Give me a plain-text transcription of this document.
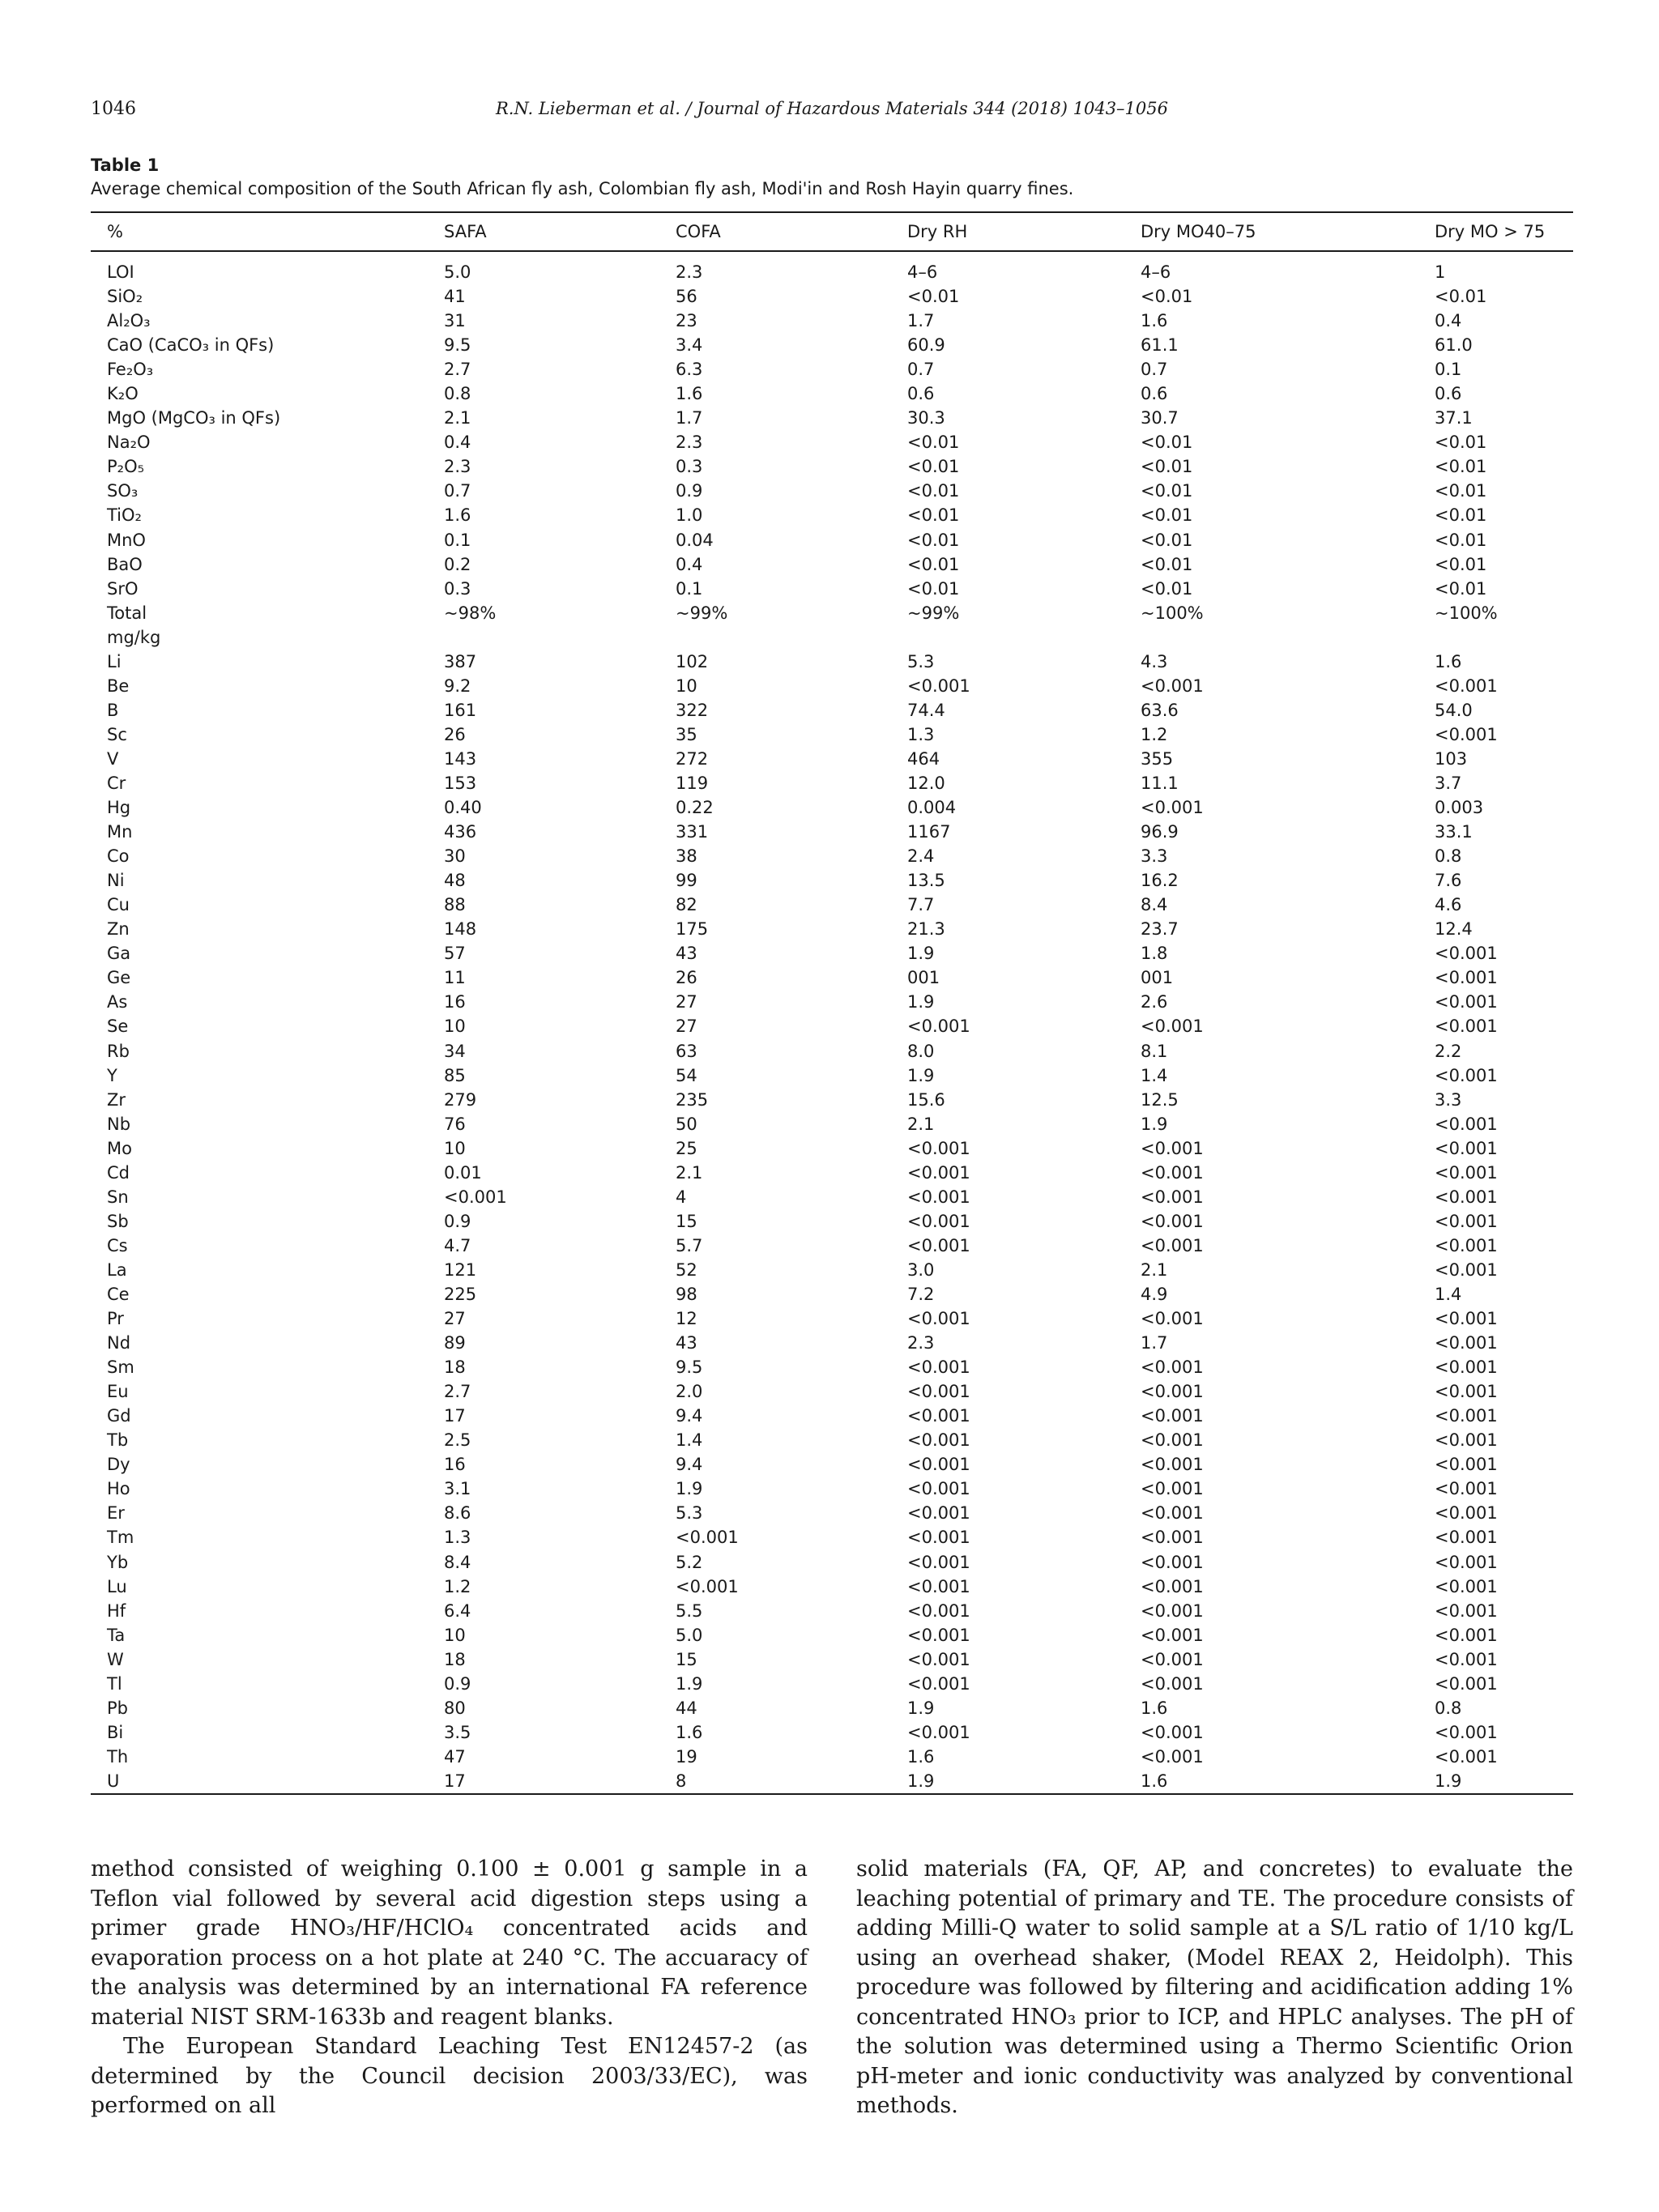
1046	R.N. Lieberman et al. / Journal of Hazardous Materials 344 (2018) 1043–1056
Table 1
Average chemical composition of the South African fly ash, Colombian fly ash, Modi'in and Rosh Hayin quarry fines.
%	SAFA	COFA	Dry RH	Dry MO40–75	Dry MO > 75
LOI	5.0	2.3	4–6	4–6	1
SiO₂	41	56	<0.01	<0.01	<0.01
Al₂O₃	31	23	1.7	1.6	0.4
CaO (CaCO₃ in QFs)	9.5	3.4	60.9	61.1	61.0
Fe₂O₃	2.7	6.3	0.7	0.7	0.1
K₂O	0.8	1.6	0.6	0.6	0.6
MgO (MgCO₃ in QFs)	2.1	1.7	30.3	30.7	37.1
Na₂O	0.4	2.3	<0.01	<0.01	<0.01
P₂O₅	2.3	0.3	<0.01	<0.01	<0.01
SO₃	0.7	0.9	<0.01	<0.01	<0.01
TiO₂	1.6	1.0	<0.01	<0.01	<0.01
MnO	0.1	0.04	<0.01	<0.01	<0.01
BaO	0.2	0.4	<0.01	<0.01	<0.01
SrO	0.3	0.1	<0.01	<0.01	<0.01
Total	~98%	~99%	~99%	~100%	~100%
mg/kg					
Li	387	102	5.3	4.3	1.6
Be	9.2	10	<0.001	<0.001	<0.001
B	161	322	74.4	63.6	54.0
Sc	26	35	1.3	1.2	<0.001
V	143	272	464	355	103
Cr	153	119	12.0	11.1	3.7
Hg	0.40	0.22	0.004	<0.001	0.003
Mn	436	331	1167	96.9	33.1
Co	30	38	2.4	3.3	0.8
Ni	48	99	13.5	16.2	7.6
Cu	88	82	7.7	8.4	4.6
Zn	148	175	21.3	23.7	12.4
Ga	57	43	1.9	1.8	<0.001
Ge	11	26	001	001	<0.001
As	16	27	1.9	2.6	<0.001
Se	10	27	<0.001	<0.001	<0.001
Rb	34	63	8.0	8.1	2.2
Y	85	54	1.9	1.4	<0.001
Zr	279	235	15.6	12.5	3.3
Nb	76	50	2.1	1.9	<0.001
Mo	10	25	<0.001	<0.001	<0.001
Cd	0.01	2.1	<0.001	<0.001	<0.001
Sn	<0.001	4	<0.001	<0.001	<0.001
Sb	0.9	15	<0.001	<0.001	<0.001
Cs	4.7	5.7	<0.001	<0.001	<0.001
La	121	52	3.0	2.1	<0.001
Ce	225	98	7.2	4.9	1.4
Pr	27	12	<0.001	<0.001	<0.001
Nd	89	43	2.3	1.7	<0.001
Sm	18	9.5	<0.001	<0.001	<0.001
Eu	2.7	2.0	<0.001	<0.001	<0.001
Gd	17	9.4	<0.001	<0.001	<0.001
Tb	2.5	1.4	<0.001	<0.001	<0.001
Dy	16	9.4	<0.001	<0.001	<0.001
Ho	3.1	1.9	<0.001	<0.001	<0.001
Er	8.6	5.3	<0.001	<0.001	<0.001
Tm	1.3	<0.001	<0.001	<0.001	<0.001
Yb	8.4	5.2	<0.001	<0.001	<0.001
Lu	1.2	<0.001	<0.001	<0.001	<0.001
Hf	6.4	5.5	<0.001	<0.001	<0.001
Ta	10	5.0	<0.001	<0.001	<0.001
W	18	15	<0.001	<0.001	<0.001
Tl	0.9	1.9	<0.001	<0.001	<0.001
Pb	80	44	1.9	1.6	0.8
Bi	3.5	1.6	<0.001	<0.001	<0.001
Th	47	19	1.6	<0.001	<0.001
U	17	8	1.9	1.6	1.9

method consisted of weighing 0.100 ± 0.001 g sample in a Teflon vial followed by several acid digestion steps using a primer grade HNO₃/HF/HClO₄ concentrated acids and evaporation process on a hot plate at 240 °C. The accuaracy of the analysis was determined by an international FA reference material NIST SRM-1633b and reagent blanks.

The European Standard Leaching Test EN12457-2 (as determined by the Council decision 2003/33/EC), was performed on all

solid materials (FA, QF, AP, and concretes) to evaluate the leaching potential of primary and TE. The procedure consists of adding Milli-Q water to solid sample at a S/L ratio of 1/10 kg/L using an overhead shaker, (Model REAX 2, Heidolph). This procedure was followed by filtering and acidification adding 1% concentrated HNO₃ prior to ICP, and HPLC analyses. The pH of the solution was determined using a Thermo Scientific Orion pH-meter and ionic conductivity was analyzed by conventional methods.
